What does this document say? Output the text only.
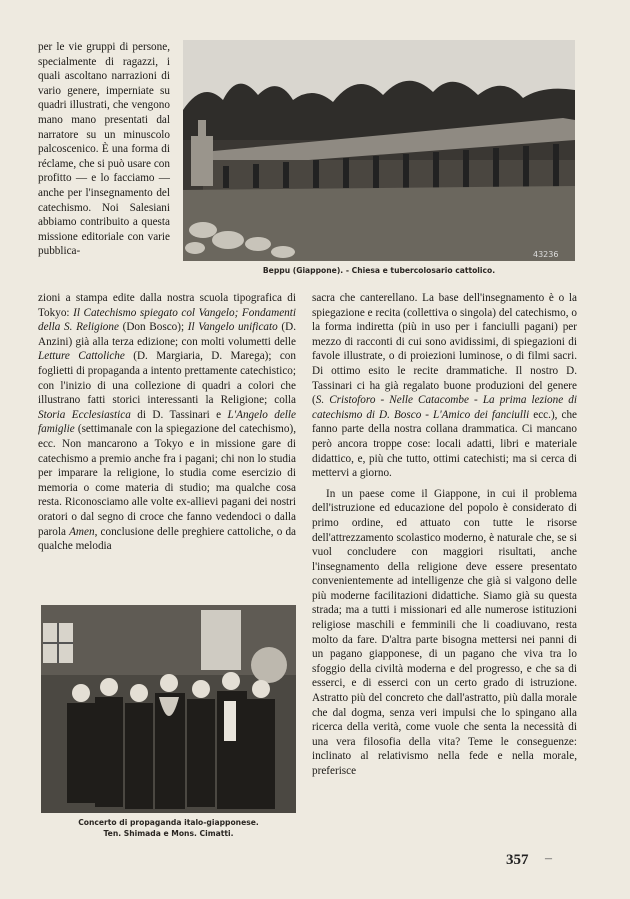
per le vie gruppi di persone, specialmente di ragazzi, i quali ascoltano narrazioni di vario genere, imperniate su quadri illustrati, che vengono mano mano presentati dal narratore su un minuscolo palcoscenico. È una forma di réclame, che si può usare con profitto — e lo facciamo — anche per l'insegnamento del catechismo. Noi Salesiani abbiamo contribuito a questa missione editoriale con varie pubblica-	43236
Beppu (Giappone). - Chiesa e tubercolosario cattolico.

zioni a stampa edite dalla nostra scuola tipografica di Tokyo: Il Catechismo spiegato col Vangelo; Fondamenti della S. Religione (Don Bosco); Il Vangelo unificato (D. Anzini) già alla terza edizione; con molti volumetti delle Letture Cattoliche (D. Margiaria, D. Marega); con foglietti di propaganda a intento prettamente catechistico; con l'inizio di una collezione di quadri a colori che illustrano fatti storici interessanti la Religione; colla Storia Ecclesiastica di D. Tassinari e L'Angelo delle famiglie (settimanale con la spiegazione del catechismo), ecc. Non mancarono a Tokyo e in missione gare di catechismo a premio anche fra i pagani; chi non lo studia per imparare la religione, lo studia come esercizio di memoria o come materia di studio; ma qualche cosa resta. Riconosciamo alle volte ex-allievi pagani dei nostri oratori o dal segno di croce che fanno vedendoci o dalla parola Amen, conclusione delle preghiere cattoliche, o da qualche melodia

sacra che canterellano. La base dell'insegnamento è o la spiegazione e recita (collettiva o singola) del catechismo, o la forma indiretta (più in uso per i fanciulli pagani) per mezzo di racconti di cui sono avidissimi, di spiegazioni di favole illustrate, o di proiezioni luminose, o di filmi sacri. Di ottimo esito le recite drammatiche. Il nostro D. Tassinari ci ha già regalato buone produzioni del genere (S. Cristoforo - Nelle Catacombe - La prima lezione di catechismo di D. Bosco - L'Amico dei fanciulli ecc.), che fanno parte della nostra collana drammatica. Ci mancano però ancora troppe cose: locali adatti, libri e materiale didattico, e, più che tutto, ottimi catechisti; ma si cerca di mettervi a giorno.

In un paese come il Giappone, in cui il problema dell'istruzione ed educazione del popolo è considerato di primo ordine, ed attuato con tutte le risorse dell'attrezzamento scolastico moderno, è naturale che, se si vuol concludere con maggiori risultati, anche l'insegnamento della religione deve essere presentato convenientemente ad intelligenze che già si valgono delle più moderne facilitazioni didattiche. Siamo già su questa strada; ma a tutti i missionari ed alle numerose istituzioni religiose maschili e femminili che li coadiuvano, resta molto da fare. D'altra parte bisogna mettersi nei panni di un pagano giapponese, di un pagano che viva tra lo sfoggio della civiltà moderna e del progresso, e che sa di esserci, e di esserci con un certo grado di istruzione. Astratto più del concreto che dall'astratto, più dalla morale che dal dogma, senza veri impulsi che lo spingano alla ricerca della verità, come vuole che senta la necessità di una vera filosofia della vita? Teme le conseguenze: inclinato al relativismo nella fede e nella morale, preferisce

Concerto di propaganda italo-giapponese.
Ten. Shimada e Mons. Cimatti.
357 –
